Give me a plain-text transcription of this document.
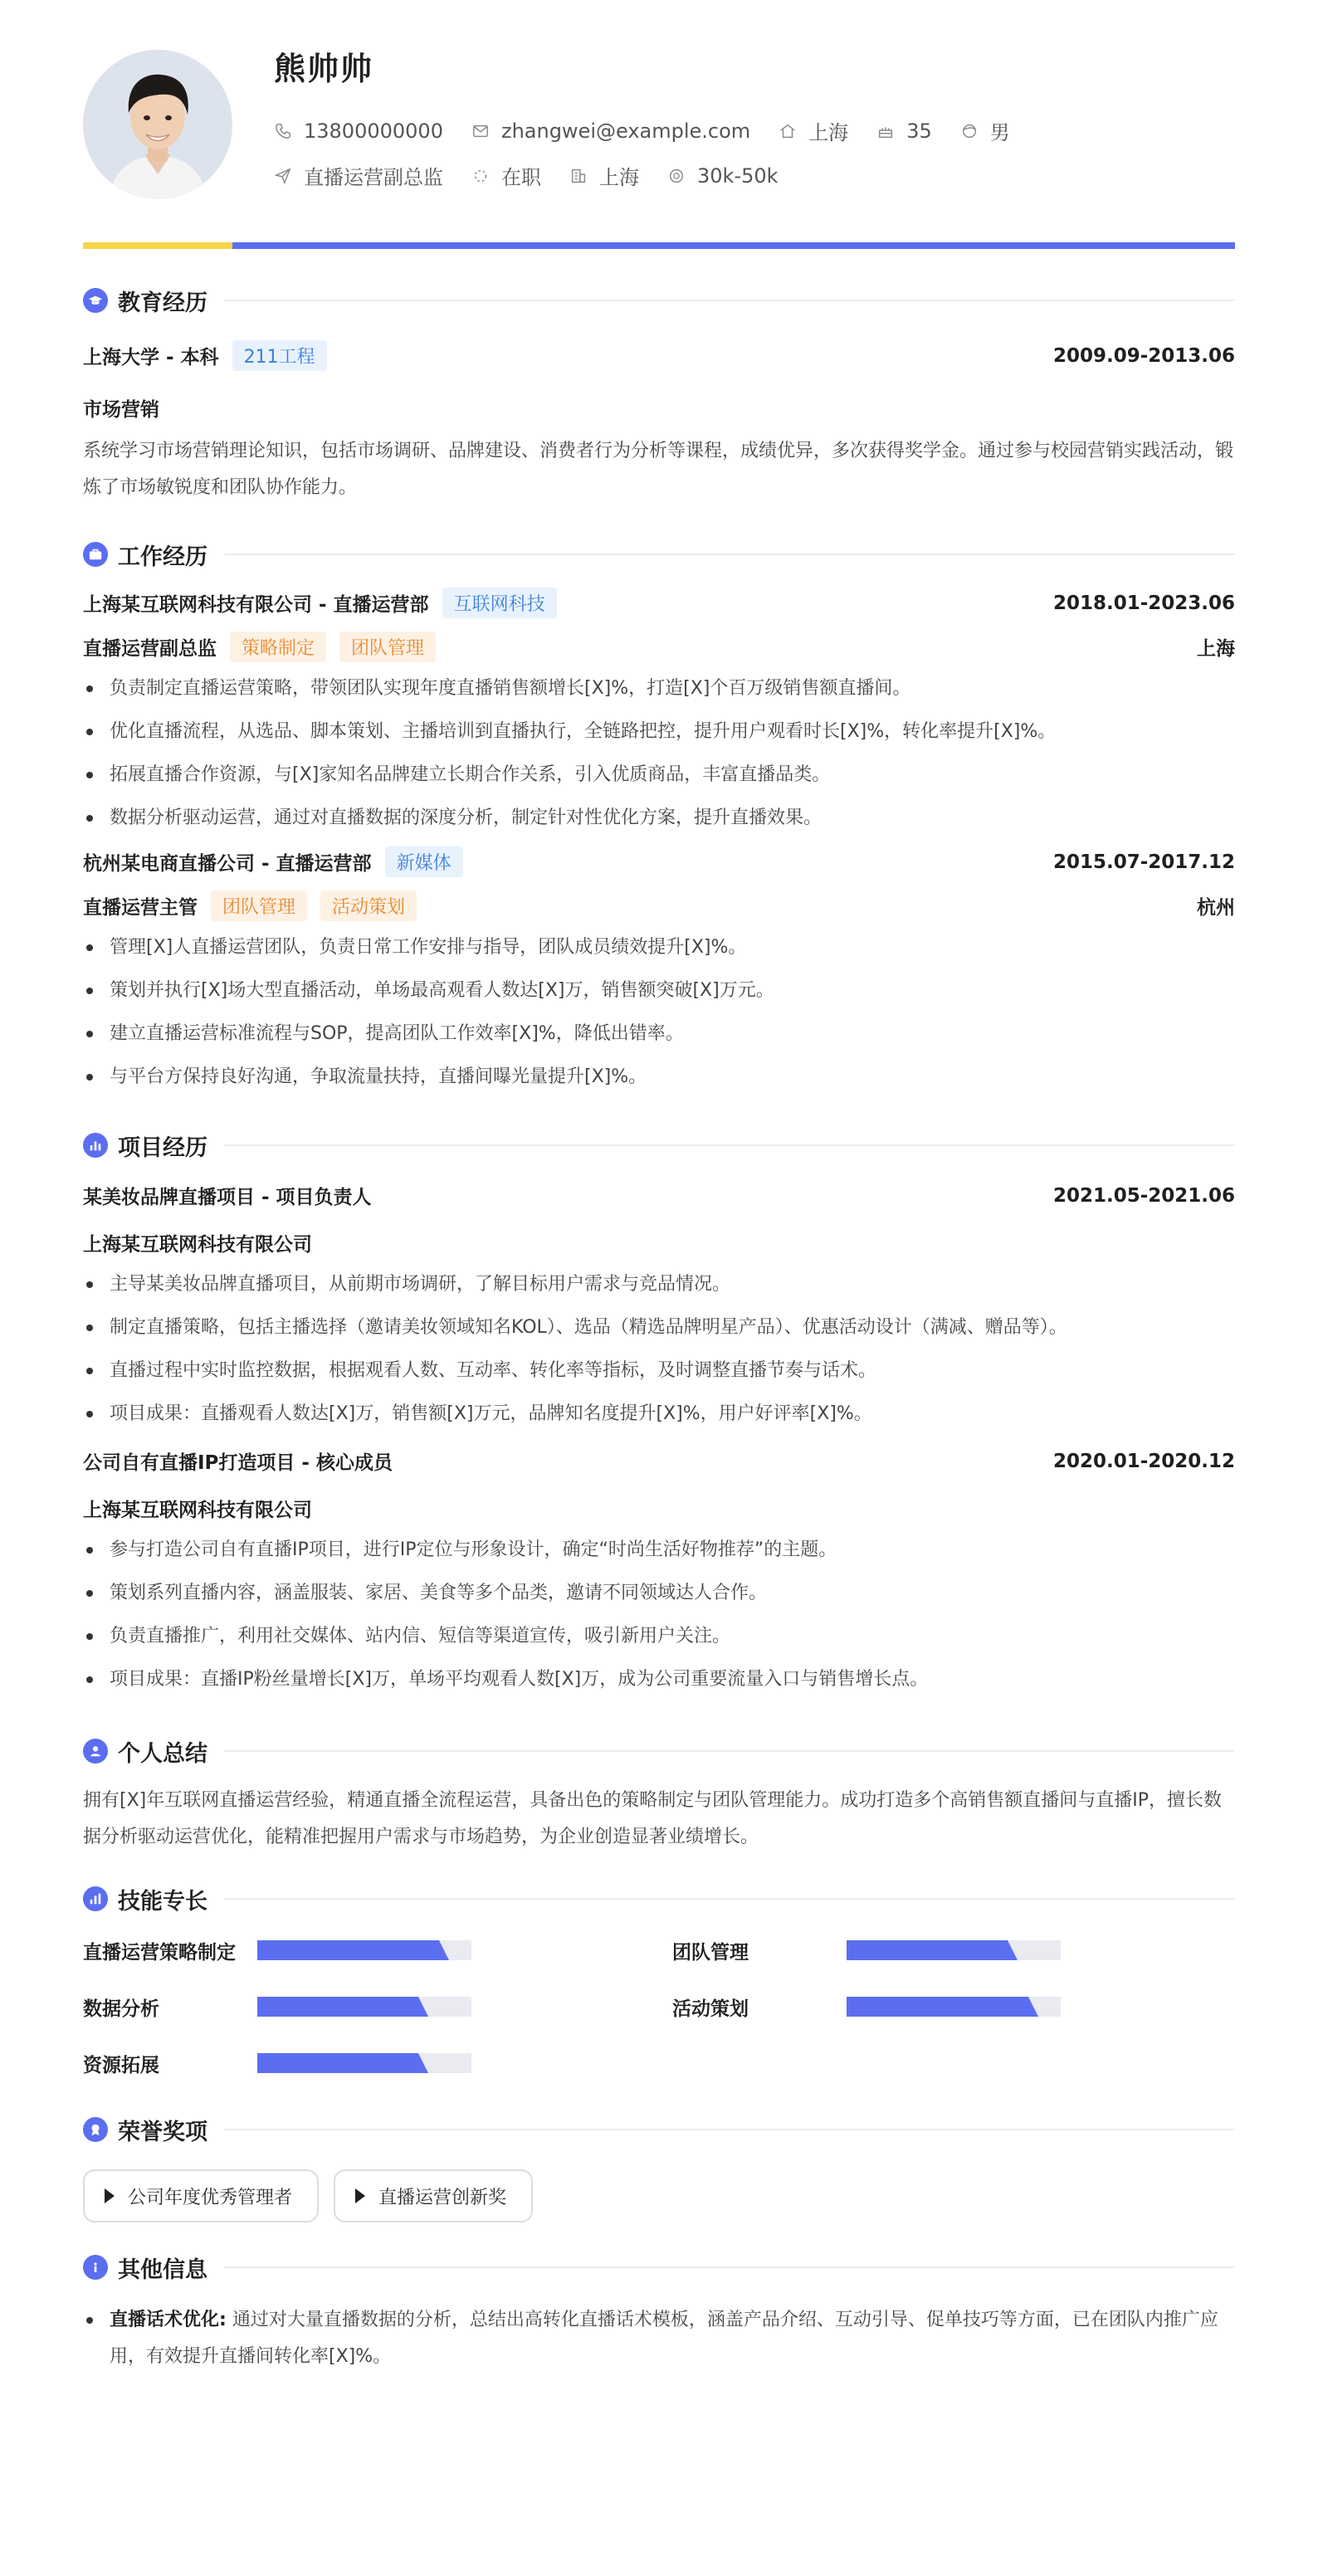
熊帅帅
13800000000	zhangwei@example.com	上海	35	男
直播运营副总监	在职	上海	30k-50k
教育经历
上海大学 - 本科	211工程	2009.09-2013.06
市场营销
系统学习市场营销理论知识，包括市场调研、品牌建设、消费者行为分析等课程，成绩优异，多次获得奖学金。通过参与校园营销实践活动，锻炼了市场敏锐度和团队协作能力。
工作经历
上海某互联网科技有限公司 - 直播运营部	互联网科技	2018.01-2023.06
直播运营副总监	策略制定	团队管理	上海
负责制定直播运营策略，带领团队实现年度直播销售额增长[X]%，打造[X]个百万级销售额直播间。
优化直播流程，从选品、脚本策划、主播培训到直播执行，全链路把控，提升用户观看时长[X]%，转化率提升[X]%。
拓展直播合作资源，与[X]家知名品牌建立长期合作关系，引入优质商品，丰富直播品类。
数据分析驱动运营，通过对直播数据的深度分析，制定针对性优化方案，提升直播效果。
杭州某电商直播公司 - 直播运营部	新媒体	2015.07-2017.12
直播运营主管	团队管理	活动策划	杭州
管理[X]人直播运营团队，负责日常工作安排与指导，团队成员绩效提升[X]%。
策划并执行[X]场大型直播活动，单场最高观看人数达[X]万，销售额突破[X]万元。
建立直播运营标准流程与SOP，提高团队工作效率[X]%，降低出错率。
与平台方保持良好沟通，争取流量扶持，直播间曝光量提升[X]%。
项目经历
某美妆品牌直播项目 - 项目负责人	2021.05-2021.06
上海某互联网科技有限公司
主导某美妆品牌直播项目，从前期市场调研，了解目标用户需求与竞品情况。
制定直播策略，包括主播选择（邀请美妆领域知名KOL）、选品（精选品牌明星产品）、优惠活动设计（满减、赠品等）。
直播过程中实时监控数据，根据观看人数、互动率、转化率等指标，及时调整直播节奏与话术。
项目成果：直播观看人数达[X]万，销售额[X]万元，品牌知名度提升[X]%，用户好评率[X]%。
公司自有直播IP打造项目 - 核心成员	2020.01-2020.12
上海某互联网科技有限公司
参与打造公司自有直播IP项目，进行IP定位与形象设计，确定“时尚生活好物推荐”的主题。
策划系列直播内容，涵盖服装、家居、美食等多个品类，邀请不同领域达人合作。
负责直播推广，利用社交媒体、站内信、短信等渠道宣传，吸引新用户关注。
项目成果：直播IP粉丝量增长[X]万，单场平均观看人数[X]万，成为公司重要流量入口与销售增长点。
个人总结
拥有[X]年互联网直播运营经验，精通直播全流程运营，具备出色的策略制定与团队管理能力。成功打造多个高销售额直播间与直播IP，擅长数据分析驱动运营优化，能精准把握用户需求与市场趋势，为企业创造显著业绩增长。
技能专长
直播运营策略制定	团队管理
数据分析	活动策划
资源拓展
荣誉奖项
公司年度优秀管理者	直播运营创新奖
其他信息
直播话术优化: 通过对大量直播数据的分析，总结出高转化直播话术模板，涵盖产品介绍、互动引导、促单技巧等方面，已在团队内推广应用，有效提升直播间转化率[X]%。
